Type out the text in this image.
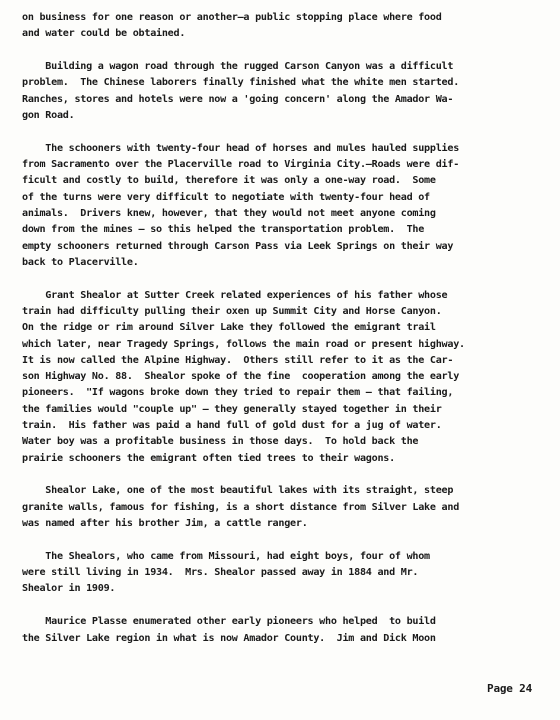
on business for one reason or another—a public stopping place where food
and water could be obtained.

Building a wagon road through the rugged Carson Canyon was a difficult
problem.  The Chinese laborers finally finished what the white men started.
Ranches, stores and hotels were now a 'going concern' along the Amador Wa-
gon Road.

The schooners with twenty-four head of horses and mules hauled supplies
from Sacramento over the Placerville road to Virginia City.—Roads were dif-
ficult and costly to build, therefore it was only a one-way road.  Some
of the turns were very difficult to negotiate with twenty-four head of
animals.  Drivers knew, however, that they would not meet anyone coming
down from the mines — so this helped the transportation problem.  The
empty schooners returned through Carson Pass via Leek Springs on their way
back to Placerville.

Grant Shealor at Sutter Creek related experiences of his father whose
train had difficulty pulling their oxen up Summit City and Horse Canyon.
On the ridge or rim around Silver Lake they followed the emigrant trail
which later, near Tragedy Springs, follows the main road or present highway.
It is now called the Alpine Highway.  Others still refer to it as the Car-
son Highway No. 88.  Shealor spoke of the fine  cooperation among the early
pioneers.  "If wagons broke down they tried to repair them — that failing,
the families would "couple up" — they generally stayed together in their
train.  His father was paid a hand full of gold dust for a jug of water.
Water boy was a profitable business in those days.  To hold back the
prairie schooners the emigrant often tied trees to their wagons.

Shealor Lake, one of the most beautiful lakes with its straight, steep
granite walls, famous for fishing, is a short distance from Silver Lake and
was named after his brother Jim, a cattle ranger.

The Shealors, who came from Missouri, had eight boys, four of whom
were still living in 1934.  Mrs. Shealor passed away in 1884 and Mr.
Shealor in 1909.

Maurice Plasse enumerated other early pioneers who helped  to build
the Silver Lake region in what is now Amador County.  Jim and Dick Moon

Page 24
